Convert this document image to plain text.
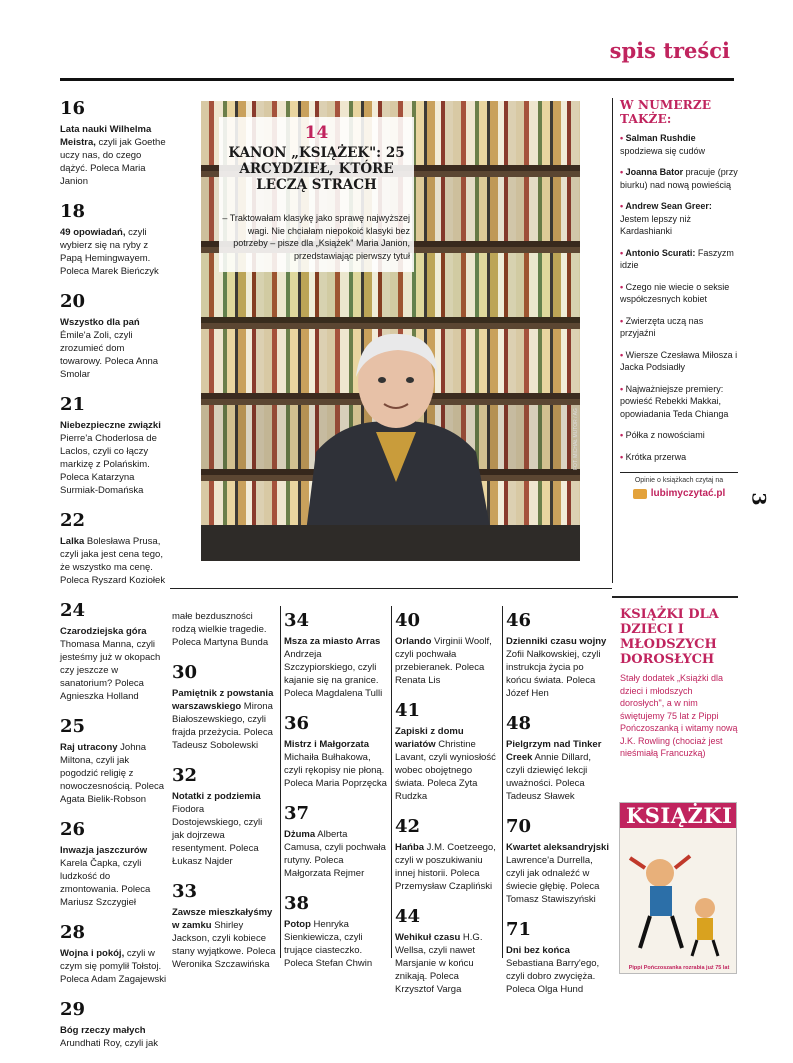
spis treści
3
16
Lata nauki Wilhelma Meistra, czyli jak Goethe uczy nas, do czego dążyć. Poleca Maria Janion
18
49 opowiadań, czyli wybierz się na ryby z Papą Hemingwayem. Poleca Marek Bieńczyk
20
Wszystko dla pań Émile'a Zoli, czyli zrozumieć dom towarowy. Poleca Anna Smolar
21
Niebezpieczne związki Pierre'a Choderlosa de Laclos, czyli co łączy markizę z Polańskim. Poleca Katarzyna Surmiak-Domańska
22
Lalka Bolesława Prusa, czyli jaka jest cena tego, że wszystko ma cenę. Poleca Ryszard Koziołek
24
Czarodziejska góra Thomasa Manna, czyli jesteśmy już w okopach czy jeszcze w sanatorium? Poleca Agnieszka Holland
25
Raj utracony Johna Miltona, czyli jak pogodzić religię z nowoczesnością. Poleca Agata Bielik-Robson
26
Inwazja jaszczurów Karela Čapka, czyli ludzkość do zmontowania. Poleca Mariusz Szczygieł
28
Wojna i pokój, czyli w czym się pomylił Tołstoj. Poleca Adam Zagajewski
29
Bóg rzeczy małych Arundhati Roy, czyli jak
14
KANON „KSIĄŻEK": 25 ARCYDZIEŁ, KTÓRE LECZĄ STRACH
– Traktowałam klasykę jako sprawę najwyższej wagi. Nie chciałam niepokoić klasyki bez potrzeby – pisze dla „Książek" Maria Janion, przedstawiając pierwszy tytuł
FOT. MICHAŁ MUTOR / AG
małe bezduszności rodzą wielkie tragedie. Poleca Martyna Bunda
30
Pamiętnik z powstania warszawskiego Mirona Białoszewskiego, czyli frajda przeżycia. Poleca Tadeusz Sobolewski
32
Notatki z podziemia Fiodora Dostojewskiego, czyli jak dojrzewa resentyment. Poleca Łukasz Najder
33
Zawsze mieszkałyśmy w zamku Shirley Jackson, czyli kobiece stany wyjątkowe. Poleca Weronika Szczawińska
34
Msza za miasto Arras Andrzeja Szczypiorskiego, czyli kajanie się na granice. Poleca Magdalena Tulli
36
Mistrz i Małgorzata Michaiła Bułhakowa, czyli rękopisy nie płoną. Poleca Maria Poprzęcka
37
Dżuma Alberta Camusa, czyli pochwała rutyny. Poleca Małgorzata Rejmer
38
Potop Henryka Sienkiewicza, czyli trujące ciasteczko. Poleca Stefan Chwin
40
Orlando Virginii Woolf, czyli pochwała przebieranek. Poleca Renata Lis
41
Zapiski z domu wariatów Christine Lavant, czyli wyniosłość wobec obojętnego świata. Poleca Zyta Rudzka
42
Hańba J.M. Coetzeego, czyli w poszukiwaniu innej historii. Poleca Przemysław Czapliński
44
Wehikuł czasu H.G. Wellsa, czyli nawet Marsjanie w końcu znikają. Poleca Krzysztof Varga
46
Dzienniki czasu wojny Zofii Nałkowskiej, czyli instrukcja życia po końcu świata. Poleca Józef Hen
48
Pielgrzym nad Tinker Creek Annie Dillard, czyli dziewięć lekcji uważności. Poleca Tadeusz Sławek
70
Kwartet aleksandryjski Lawrence'a Durrella, czyli jak odnaleźć w świecie głębię. Poleca Tomasz Stawiszyński
71
Dni bez końca Sebastiana Barry'ego, czyli dobro zwycięża. Poleca Olga Hund
W NUMERZE TAKŻE:
• Salman Rushdie spodziewa się cudów
• Joanna Bator pracuje (przy biurku) nad nową powieścią
• Andrew Sean Greer: Jestem lepszy niż Kardashianki
• Antonio Scurati: Faszyzm idzie
• Czego nie wiecie o seksie współczesnych kobiet
• Zwierzęta uczą nas przyjaźni
• Wiersze Czesława Miłosza i Jacka Podsiadły
• Najważniejsze premiery: powieść Rebekki Makkai, opowiadania Teda Chianga
• Półka z nowościami
• Krótka przerwa
Opinie o książkach czytaj na
lubimyczytać.pl
KSIĄŻKI DLA DZIECI I MŁODSZYCH DOROSŁYCH
Stały dodatek „Książki dla dzieci i młodszych dorosłych", a w nim świętujemy 75 lat z Pippi Pończoszanką i witamy nową J.K. Rowling (chociaż jest nieśmiałą Francuzką)
KSIĄŻKI
Pippi Pończoszanka rozrabia już 75 lat
